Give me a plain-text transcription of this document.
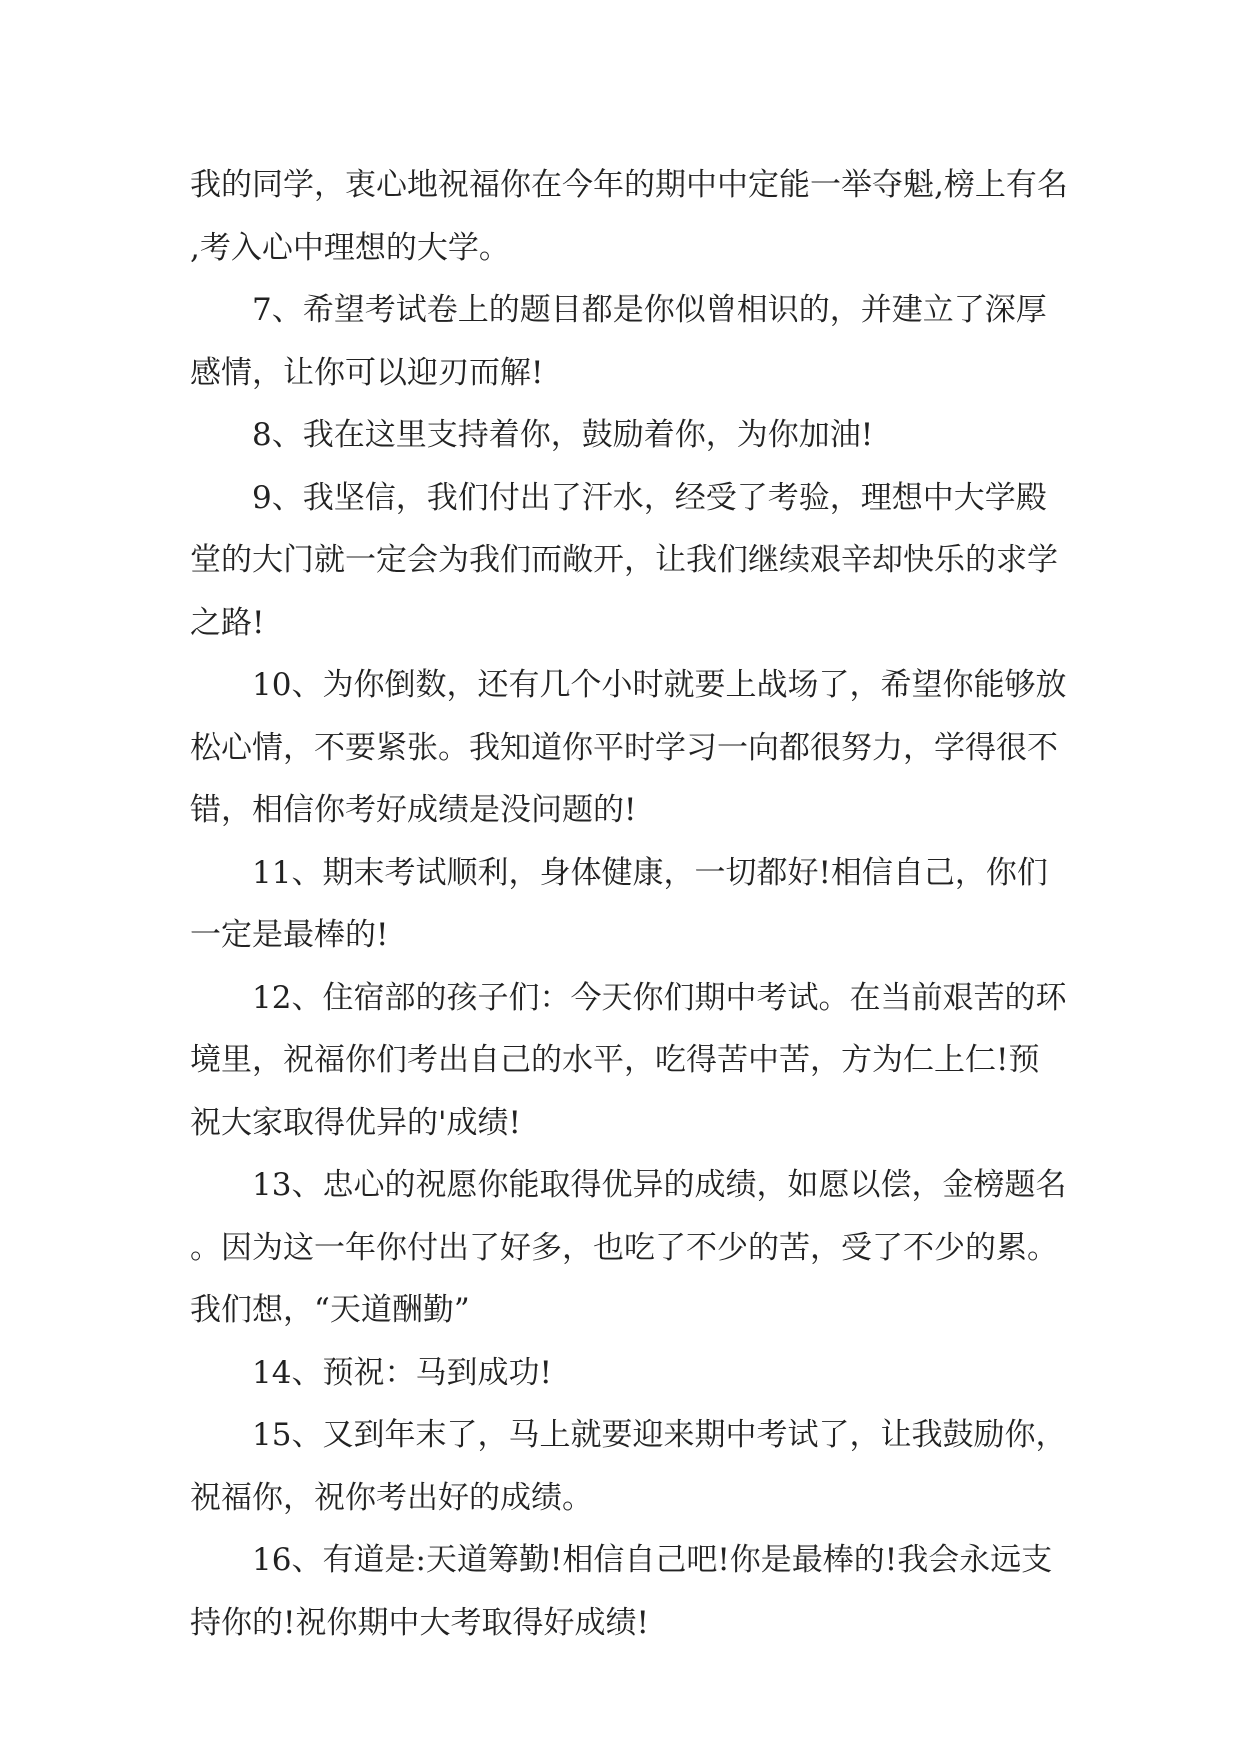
我的同学，衷心地祝福你在今年的期中中定能一举夺魁,榜上有名,考入心中理想的大学。

7、希望考试卷上的题目都是你似曾相识的，并建立了深厚感情，让你可以迎刃而解!

8、我在这里支持着你，鼓励着你，为你加油!

9、我坚信，我们付出了汗水，经受了考验，理想中大学殿堂的大门就一定会为我们而敞开，让我们继续艰辛却快乐的求学之路!

10、为你倒数，还有几个小时就要上战场了，希望你能够放松心情，不要紧张。我知道你平时学习一向都很努力，学得很不错，相信你考好成绩是没问题的!

11、期末考试顺利，身体健康，一切都好!相信自己，你们一定是最棒的!

12、住宿部的孩子们：今天你们期中考试。在当前艰苦的环境里，祝福你们考出自己的水平，吃得苦中苦，方为仁上仁!预祝大家取得优异的'成绩!

13、忠心的祝愿你能取得优异的成绩，如愿以偿，金榜题名。因为这一年你付出了好多，也吃了不少的苦，受了不少的累。我们想，“天道酬勤”

14、预祝：马到成功!

15、又到年末了，马上就要迎来期中考试了，让我鼓励你，祝福你，祝你考出好的成绩。

16、有道是:天道筹勤!相信自己吧!你是最棒的!我会永远支持你的!祝你期中大考取得好成绩!
